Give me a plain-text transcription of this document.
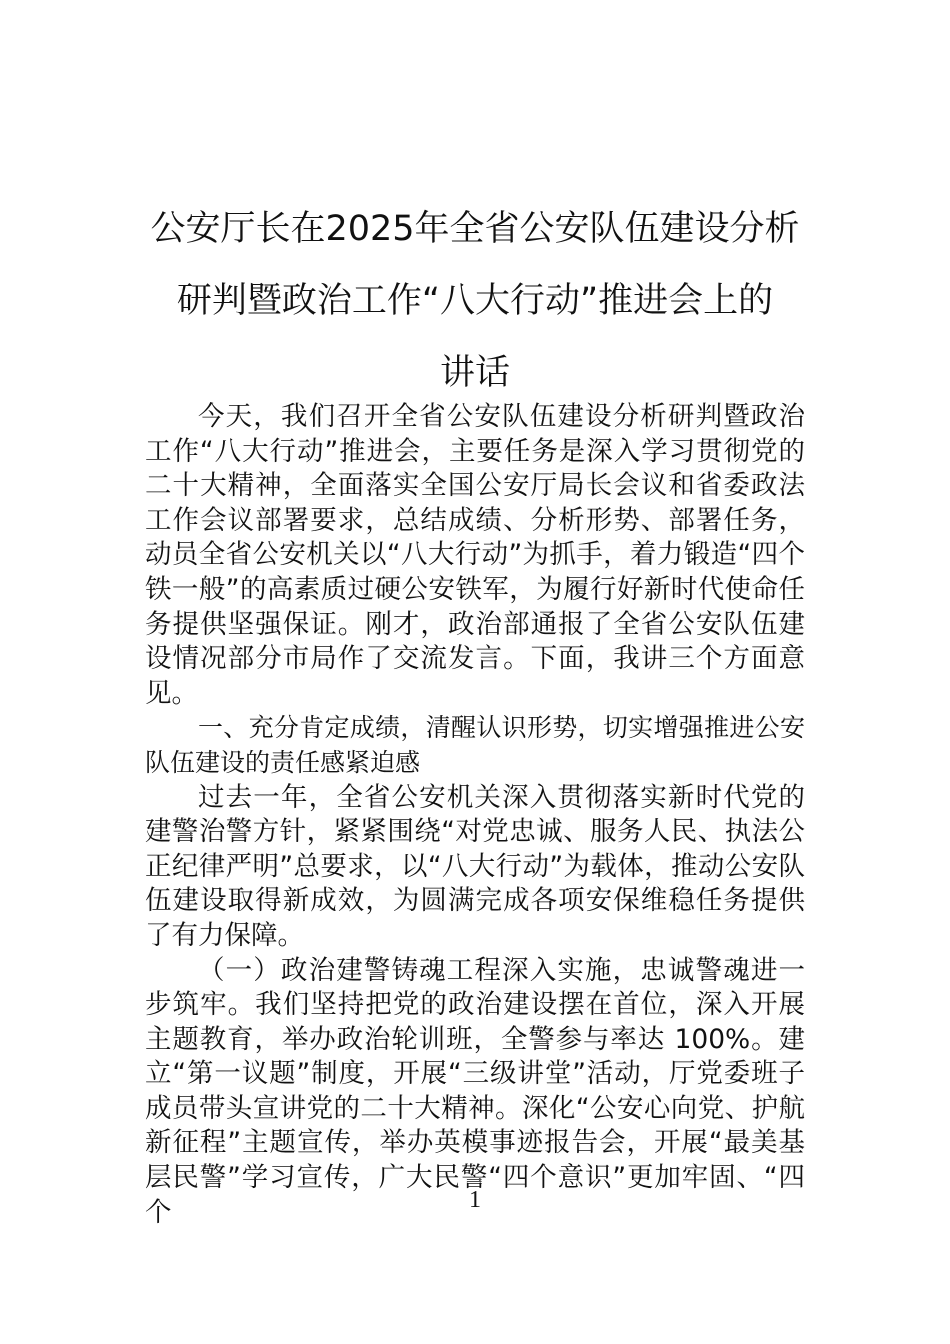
公安厅长在2025年全省公安队伍建设分析
研判暨政治工作“八大行动”推进会上的
讲话

今天，我们召开全省公安队伍建设分析研判暨政治工作“八大行动”推进会，主要任务是深入学习贯彻党的二十大精神，全面落实全国公安厅局长会议和省委政法工作会议部署要求，总结成绩、分析形势、部署任务，动员全省公安机关以“八大行动”为抓手，着力锻造“四个铁一般”的高素质过硬公安铁军，为履行好新时代使命任务提供坚强保证。刚才，政治部通报了全省公安队伍建设情况部分市局作了交流发言。下面，我讲三个方面意见。

一、充分肯定成绩，清醒认识形势，切实增强推进公安队伍建设的责任感紧迫感

过去一年，全省公安机关深入贯彻落实新时代党的建警治警方针，紧紧围绕“对党忠诚、服务人民、执法公正纪律严明”总要求，以“八大行动”为载体，推动公安队伍建设取得新成效，为圆满完成各项安保维稳任务提供了有力保障。

（一）政治建警铸魂工程深入实施，忠诚警魂进一步筑牢。我们坚持把党的政治建设摆在首位，深入开展主题教育，举办政治轮训班，全警参与率达 100%。建立“第一议题”制度，开展“三级讲堂”活动，厅党委班子成员带头宣讲党的二十大精神。深化“公安心向党、护航新征程”主题宣传，举办英模事迹报告会，开展“最美基层民警”学习宣传，广大民警“四个意识”更加牢固、“四个	1
